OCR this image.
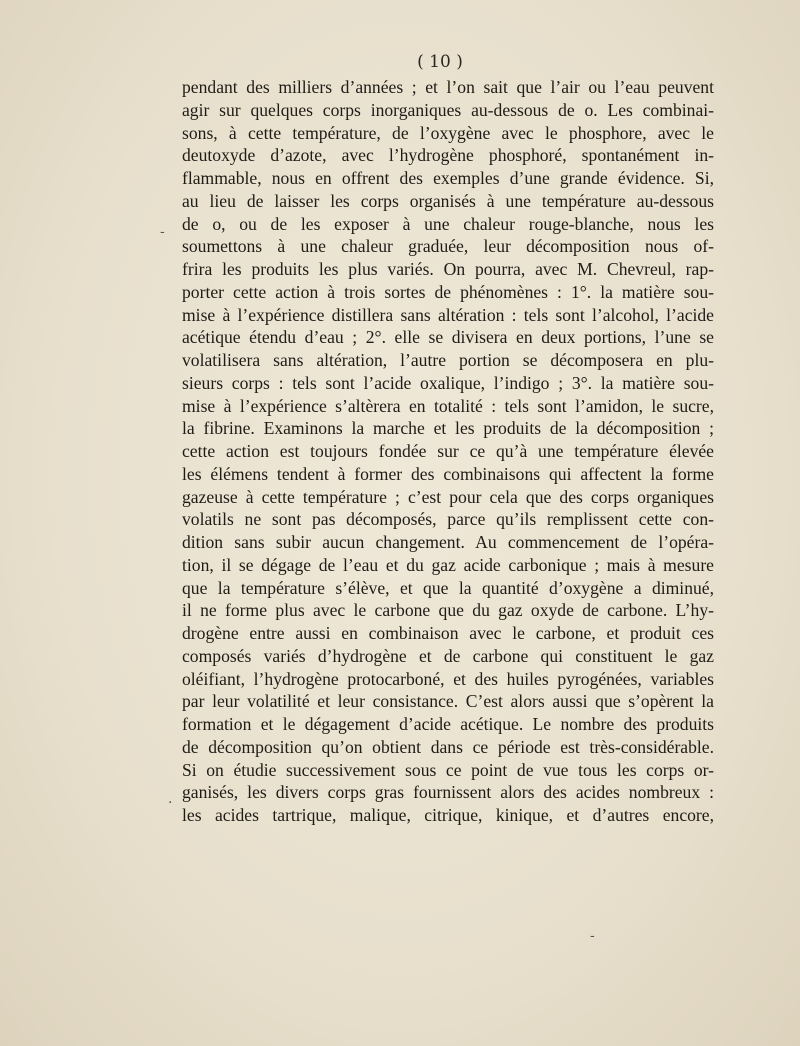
( 10 )
-
·
-
pendant des milliers d’années ; et l’on sait que l’air ou l’eau peuvent
agir sur quelques corps inorganiques au-dessous de o. Les combinai-
sons, à cette température, de l’oxygène avec le phosphore, avec le
deutoxyde d’azote, avec l’hydrogène phosphoré, spontanément in-
flammable, nous en offrent des exemples d’une grande évidence. Si,
au lieu de laisser les corps organisés à une température au-dessous
de o, ou de les exposer à une chaleur rouge-blanche, nous les
soumettons à une chaleur graduée, leur décomposition nous of-
frira les produits les plus variés. On pourra, avec M. Chevreul, rap-
porter cette action à trois sortes de phénomènes : 1°. la matière sou-
mise à l’expérience distillera sans altération : tels sont l’alcohol, l’acide
acétique étendu d’eau ; 2°. elle se divisera en deux portions, l’une se
volatilisera sans altération, l’autre portion se décomposera en plu-
sieurs corps : tels sont l’acide oxalique, l’indigo ; 3°. la matière sou-
mise à l’expérience s’altèrera en totalité : tels sont l’amidon, le sucre,
la fibrine. Examinons la marche et les produits de la décomposition ;
cette action est toujours fondée sur ce qu’à une température élevée
les élémens tendent à former des combinaisons qui affectent la forme
gazeuse à cette température ; c’est pour cela que des corps organiques
volatils ne sont pas décomposés, parce qu’ils remplissent cette con-
dition sans subir aucun changement. Au commencement de l’opéra-
tion, il se dégage de l’eau et du gaz acide carbonique ; mais à mesure
que la température s’élève, et que la quantité d’oxygène a diminué,
il ne forme plus avec le carbone que du gaz oxyde de carbone. L’hy-
drogène entre aussi en combinaison avec le carbone, et produit ces
composés variés d’hydrogène et de carbone qui constituent le gaz
oléifiant, l’hydrogène protocarboné, et des huiles pyrogénées, variables
par leur volatilité et leur consistance. C’est alors aussi que s’opèrent la
formation et le dégagement d’acide acétique. Le nombre des produits
de décomposition qu’on obtient dans ce période est très-considérable.
Si on étudie successivement sous ce point de vue tous les corps or-
ganisés, les divers corps gras fournissent alors des acides nombreux :
les acides tartrique, malique, citrique, kinique, et d’autres encore,
